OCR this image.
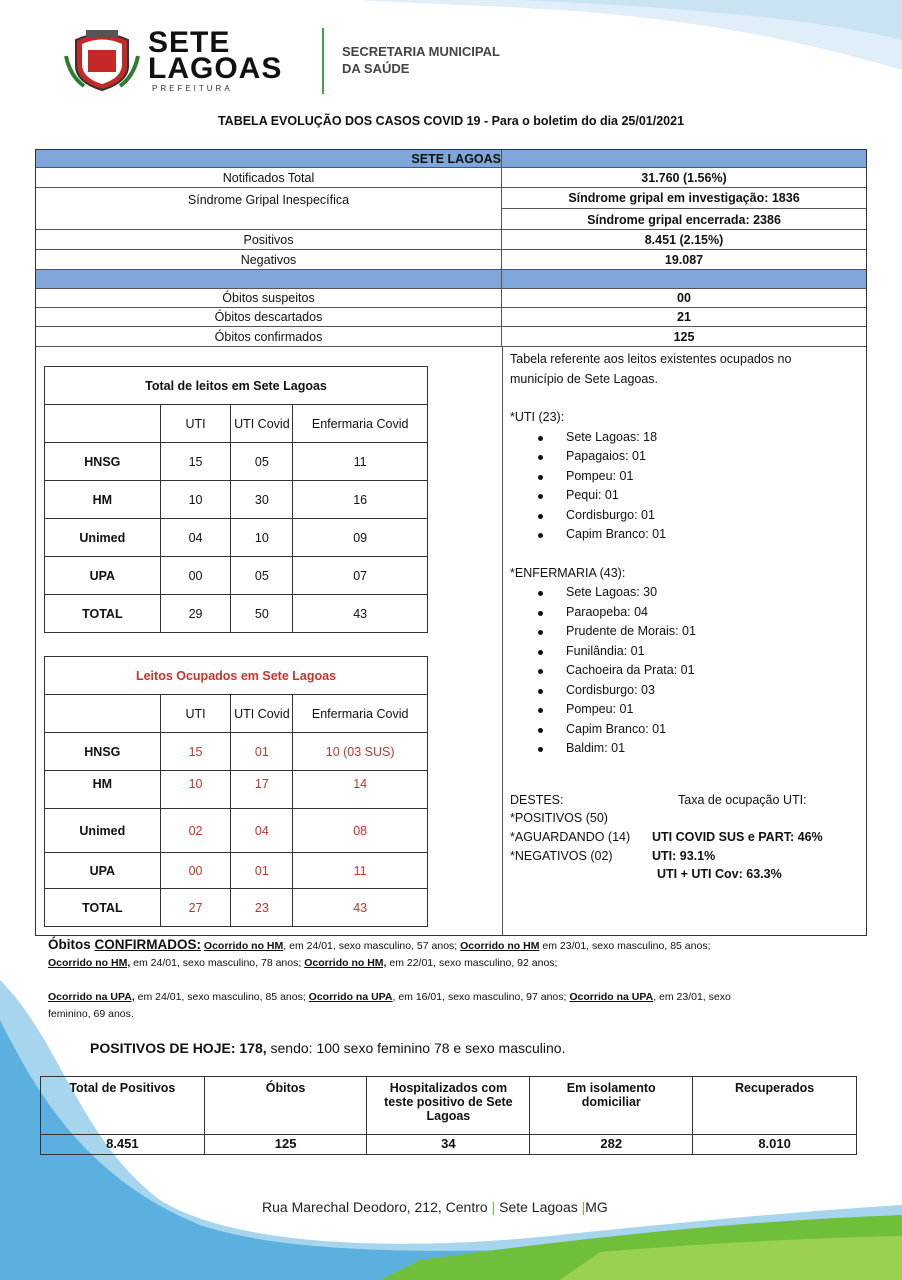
SETE
LAGOAS
PREFEITURA
SECRETARIA MUNICIPAL
DA SAÚDE
TABELA EVOLUÇÃO DOS CASOS COVID 19 - Para o boletim do dia 25/01/2021
SETE LAGOAS
Notificados Total	31.760 (1.56%)
Síndrome Gripal Inespecífica	Síndrome gripal em investigação: 1836
Síndrome gripal encerrada: 2386
Positivos	8.451 (2.15%)
Negativos	19.087
Óbitos suspeitos	00
Óbitos descartados	21
Óbitos confirmados	125
Tabela referente aos leitos existentes ocupados no
município de Sete Lagoas.
*UTI (23):
Sete Lagoas: 18
Papagaios: 01
Pompeu: 01
Pequi: 01
Cordisburgo: 01
Capim Branco: 01
*ENFERMARIA (43):
Sete Lagoas: 30
Paraopeba: 04
Prudente de Morais: 01
Funilândia: 01
Cachoeira da Prata: 01
Cordisburgo: 03
Pompeu: 01
Capim Branco: 01
Baldim: 01
DESTES:
*POSITIVOS (50)
*AGUARDANDO (14)
*NEGATIVOS (02)
Taxa de ocupação UTI:
UTI COVID SUS e PART: 46%
UTI: 93.1%
UTI + UTI Cov: 63.3%
Total de leitos em Sete Lagoas			
	UTI	UTI Covid	Enfermaria Covid
HNSG	15	05	11
HM	10	30	16
Unimed	04	10	09
UPA	00	05	07
TOTAL	29	50	43
Leitos Ocupados em Sete Lagoas			
	UTI	UTI Covid	Enfermaria Covid
HNSG	15	01	10 (03 SUS)
HM	10	17	14
Unimed	02	04	08
UPA	00	01	11
TOTAL	27	23	43
Óbitos CONFIRMADOS: Ocorrido no HM, em 24/01, sexo masculino, 57 anos; Ocorrido no HM em 23/01, sexo masculino, 85 anos;
Ocorrido no HM, em 24/01, sexo masculino, 78 anos; Ocorrido no HM, em 22/01, sexo masculino, 92 anos;
Ocorrido na UPA, em 24/01, sexo masculino, 85 anos; Ocorrido na UPA, em 16/01, sexo masculino, 97 anos; Ocorrido na UPA, em 23/01, sexo
feminino, 69 anos.
POSITIVOS DE HOJE: 178, sendo: 100 sexo feminino 78 e sexo masculino.
Total de Positivos	Óbitos	Hospitalizados com teste positivo de Sete Lagoas	Em isolamento domiciliar	Recuperados
8.451	125	34	282	8.010
Rua Marechal Deodoro, 212, Centro | Sete Lagoas |MG
